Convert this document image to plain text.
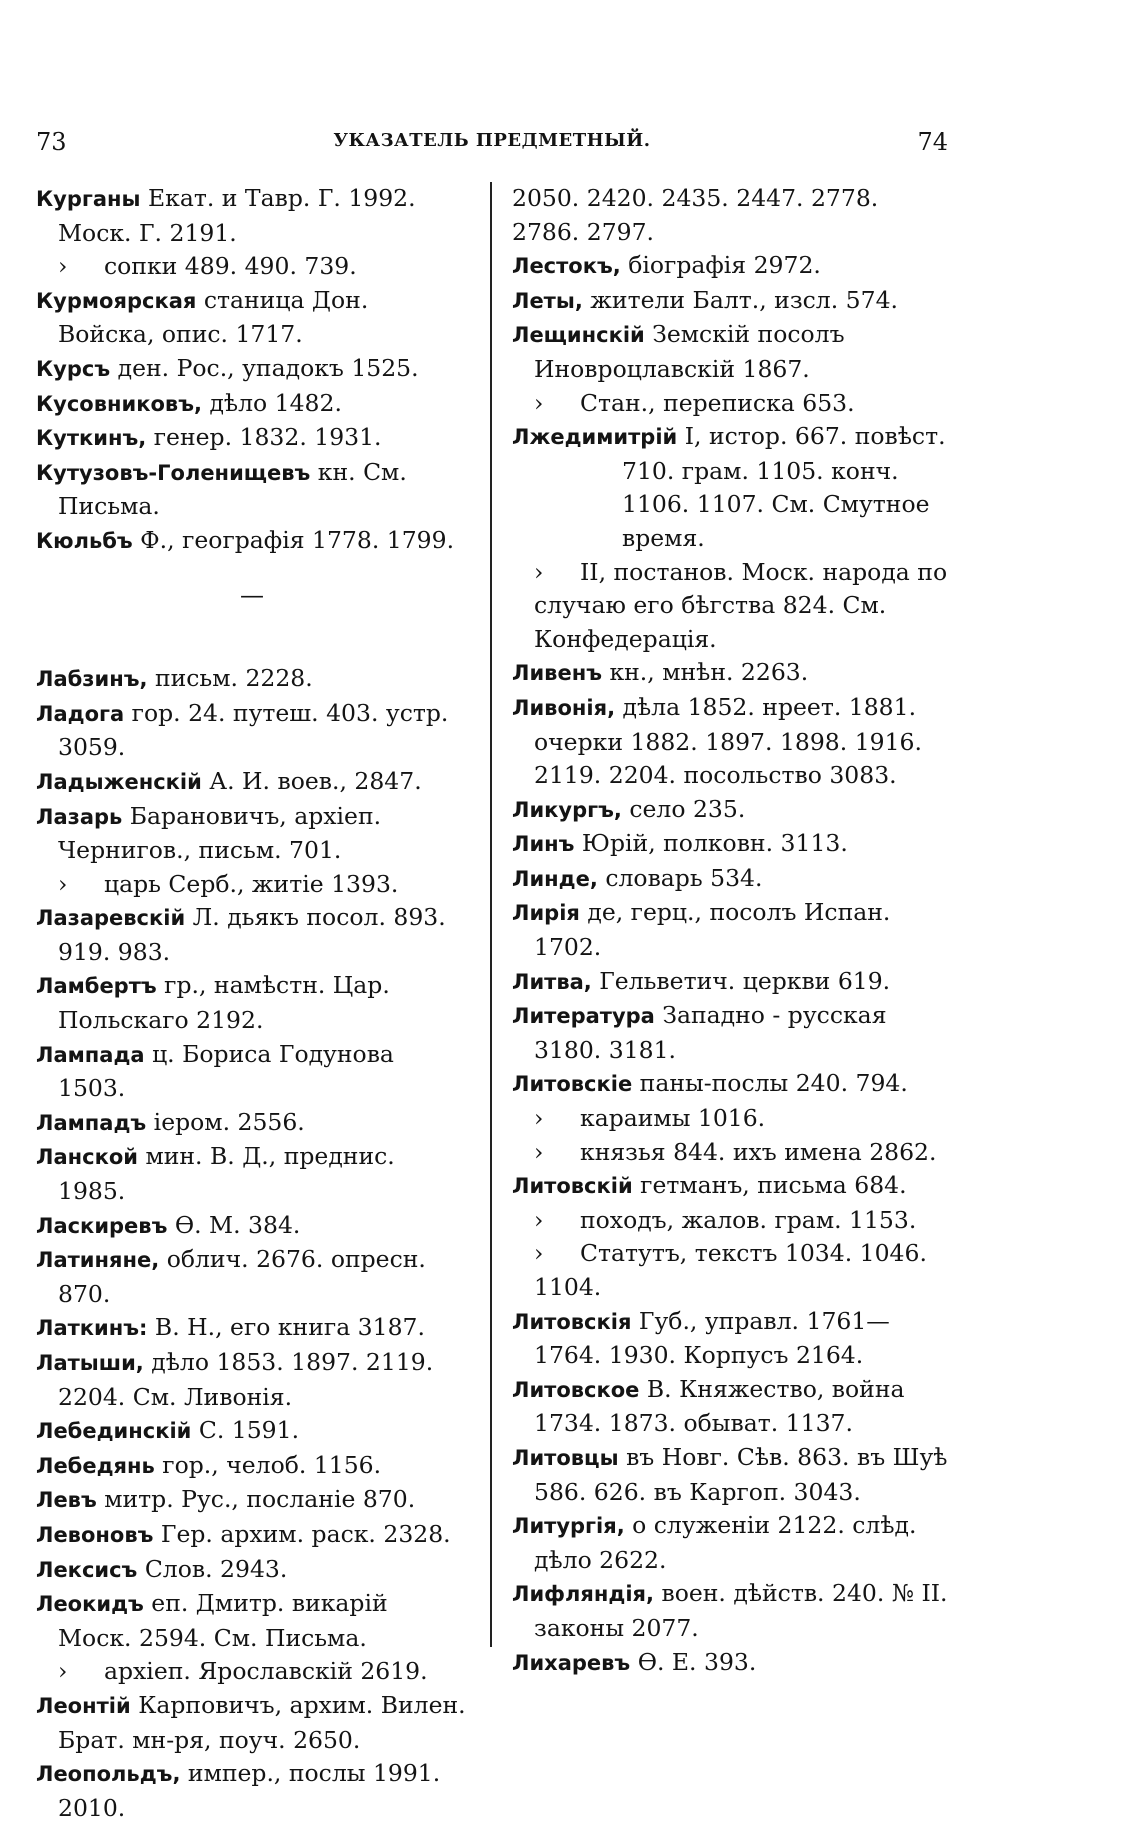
73	УКАЗАТЕЛЬ ПРЕДМЕТНЫЙ.	74
Курганы Екат. и Тавр. Г. 1992. Моск. Г. 2191.
› сопки 489. 490. 739.
Курмоярская станица Дон. Войска, опис. 1717.
Курсъ ден. Рос., упадокъ 1525.
Кусовниковъ, дѣло 1482.
Куткинъ, генер. 1832. 1931.
Кутузовъ-Голенищевъ кн. См. Письма.
Кюльбъ Ф., географія 1778. 1799.
—
Лабзинъ, письм. 2228.
Ладога гор. 24. путеш. 403. устр. 3059.
Ладыженскій А. И. воев., 2847.
Лазарь Барановичъ, архіеп. Чернигов., письм. 701.
› царь Серб., житіе 1393.
Лазаревскій Л. дьякъ посол. 893. 919. 983.
Ламбертъ гр., намѣстн. Цар. Польскаго 2192.
Лампада ц. Бориса Годунова 1503.
Лампадъ іером. 2556.
Ланской мин. В. Д., преднис. 1985.
Ласкиревъ Ѳ. М. 384.
Латинянe, облич. 2676. опресн. 870.
Латкинъ: В. Н., его книга 3187.
Латыши, дѣло 1853. 1897. 2119. 2204. См. Ливонія.
Лебединскій С. 1591.
Лебедянь гор., челоб. 1156.
Левъ митр. Рус., посланіе 870.
Левоновъ Гер. архим. раск. 2328.
Лексисъ Слов. 2943.
Леокидъ еп. Дмитр. викарій Моск. 2594. См. Письма.
› архіеп. Ярославскій 2619.
Леонтій Карповичъ, архим. Вилен. Брат. мн-ря, поуч. 2650.
Леопольдъ, импер., послы 1991. 2010.
2050. 2420. 2435. 2447. 2778. 2786. 2797.
Лестокъ, біографія 2972.
Леты, жители Балт., изсл. 574.
Лещинскій Земскій посолъ Иноврoцлавскій 1867.
› Стан., переписка 653.
Лжедимитрій I, истор. 667. повѣст.
710. грам. 1105. конч. 1106. 1107. См. Смутное время.
› II, постанов. Моск. народа по случаю его бѣгства 824. См. Конфедерація.
Ливенъ кн., мнѣн. 2263.
Ливонія, дѣла 1852. нреет. 1881. очерки 1882. 1897. 1898. 1916. 2119. 2204. посольство 3083.
Ликургъ, село 235.
Линъ Юрій, полковн. 3113.
Линде, словарь 534.
Лирія де, герц., посолъ Испан. 1702.
Литва, Гельветич. церкви 619.
Литература Западно - русская 3180. 3181.
Литовскіе паны-послы 240. 794.
› караимы 1016.
› князья 844. ихъ имена 2862.
Литовскій гетманъ, письма 684.
› походъ, жалов. грам. 1153.
› Статутъ, текстъ 1034. 1046. 1104.
Литовскія Губ., управл. 1761—1764. 1930. Корпусъ 2164.
Литовское В. Княжество, война 1734. 1873. обыват. 1137.
Литовцы въ Новг. Сѣв. 863. въ Шуѣ 586. 626. въ Каргоп. 3043.
Литургія, о служеніи 2122. слѣд. дѣло 2622.
Лифляндія, воен. дѣйств. 240. № II. законы 2077.
Лихаревъ Ѳ. Е. 393.
